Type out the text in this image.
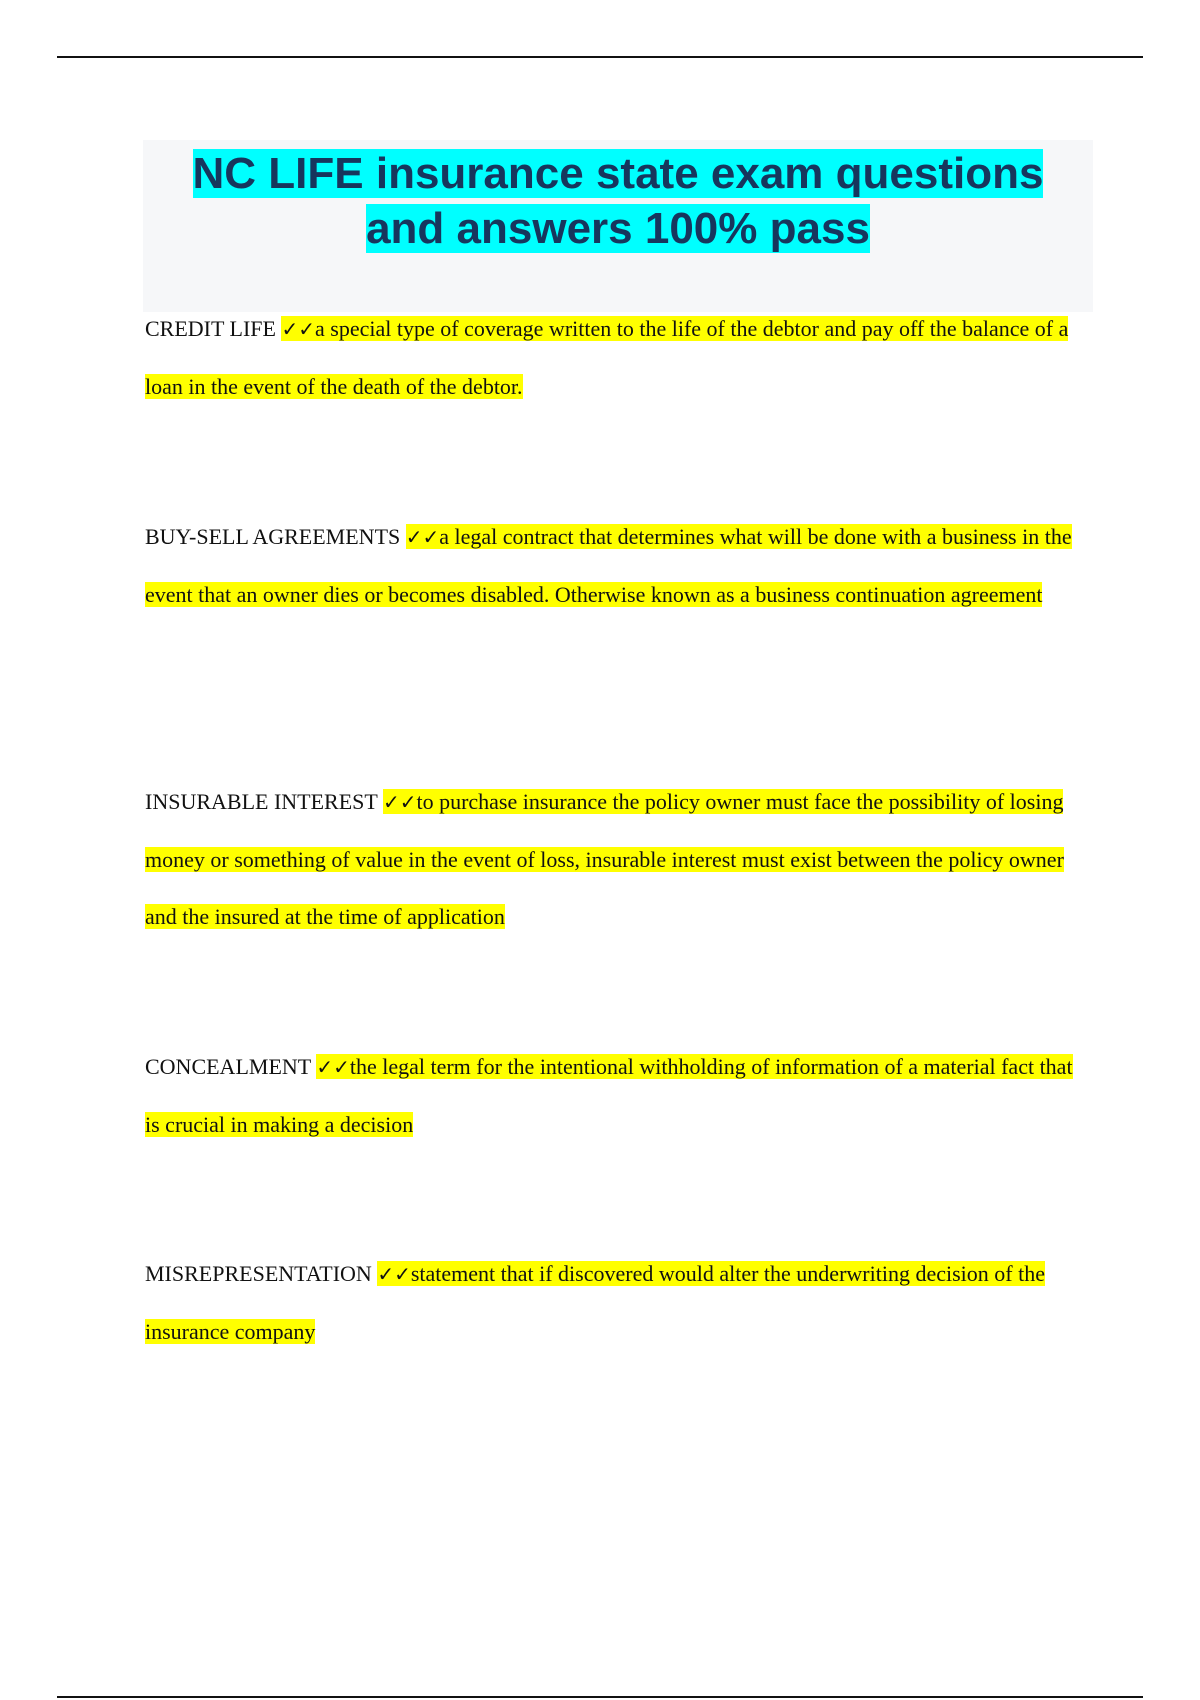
NC LIFE insurance state exam questions
and answers 100% pass

CREDIT LIFE ✓✓a special type of coverage written to the life of the debtor and pay off the balance of a loan in the event of the death of the debtor.

BUY-SELL AGREEMENTS ✓✓a legal contract that determines what will be done with a business in the event that an owner dies or becomes disabled. Otherwise known as a business continuation agreement

INSURABLE INTEREST ✓✓to purchase insurance the policy owner must face the possibility of losing money or something of value in the event of loss, insurable interest must exist between the policy owner and the insured at the time of application

CONCEALMENT ✓✓the legal term for the intentional withholding of information of a material fact that is crucial in making a decision

MISREPRESENTATION ✓✓statement that if discovered would alter the underwriting decision of the insurance company
